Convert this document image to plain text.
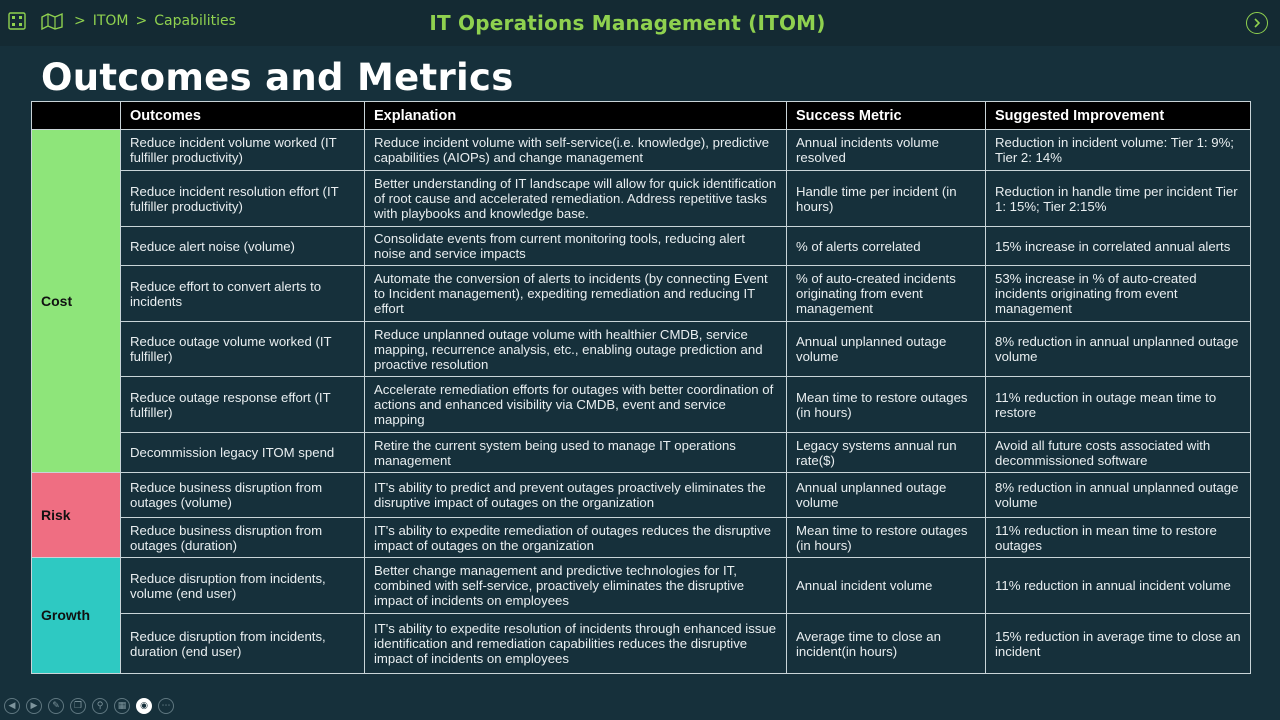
> ITOM > Capabilities	IT Operations Management (ITOM)
Outcomes and Metrics
	Outcomes	Explanation	Success Metric	Suggested Improvement
Cost	Reduce incident volume worked (IT fulfiller productivity)	Reduce incident volume with self-service(i.e. knowledge), predictive capabilities (AIOPs) and change management	Annual incidents volume resolved	Reduction in incident volume: Tier 1: 9%; Tier 2: 14%
	Reduce incident resolution effort (IT fulfiller productivity)	Better understanding of IT landscape will allow for quick identification of root cause and accelerated remediation. Address repetitive tasks with playbooks and knowledge base.	Handle time per incident (in hours)	Reduction in handle time per incident Tier 1: 15%; Tier 2:15%
	Reduce alert noise (volume)	Consolidate events from current monitoring tools, reducing alert noise and service impacts	% of alerts correlated	15% increase in correlated annual alerts
	Reduce effort to convert alerts to incidents	Automate the conversion of alerts to incidents (by connecting Event to Incident management), expediting remediation and reducing IT effort	% of auto-created incidents originating from event management	53% increase in % of auto-created incidents originating from event management
	Reduce outage volume worked (IT fulfiller)	Reduce unplanned outage volume with healthier CMDB, service mapping, recurrence analysis, etc., enabling outage prediction and proactive resolution	Annual unplanned outage volume	8% reduction in annual unplanned outage volume
	Reduce outage response effort (IT fulfiller)	Accelerate remediation efforts for outages with better coordination of actions and enhanced visibility via CMDB, event and service mapping	Mean time to restore outages (in hours)	11% reduction in outage mean time to restore
	Decommission legacy ITOM spend	Retire the current system being used to manage IT operations management	Legacy systems annual run rate($)	Avoid all future costs associated with decommissioned software
Risk	Reduce business disruption from outages (volume)	IT's ability to predict and prevent outages proactively eliminates the disruptive impact of outages on the organization	Annual unplanned outage volume	8% reduction in annual unplanned outage volume
	Reduce business disruption from outages (duration)	IT's ability to expedite remediation of outages reduces the disruptive impact of outages on the organization	Mean time to restore outages (in hours)	11% reduction in mean time to restore outages
Growth	Reduce disruption from incidents, volume (end user)	Better change management and predictive technologies for IT, combined with self-service, proactively eliminates the disruptive impact of incidents on employees	Annual incident volume	11% reduction in annual incident volume
	Reduce disruption from incidents, duration (end user)	IT's ability to expedite resolution of incidents through enhanced issue identification and remediation capabilities reduces the disruptive impact of incidents on employees	Average time to close an incident(in hours)	15% reduction in average time to close an incident
◀	▶	✎	❐	⚲	▦	◉	⋯
